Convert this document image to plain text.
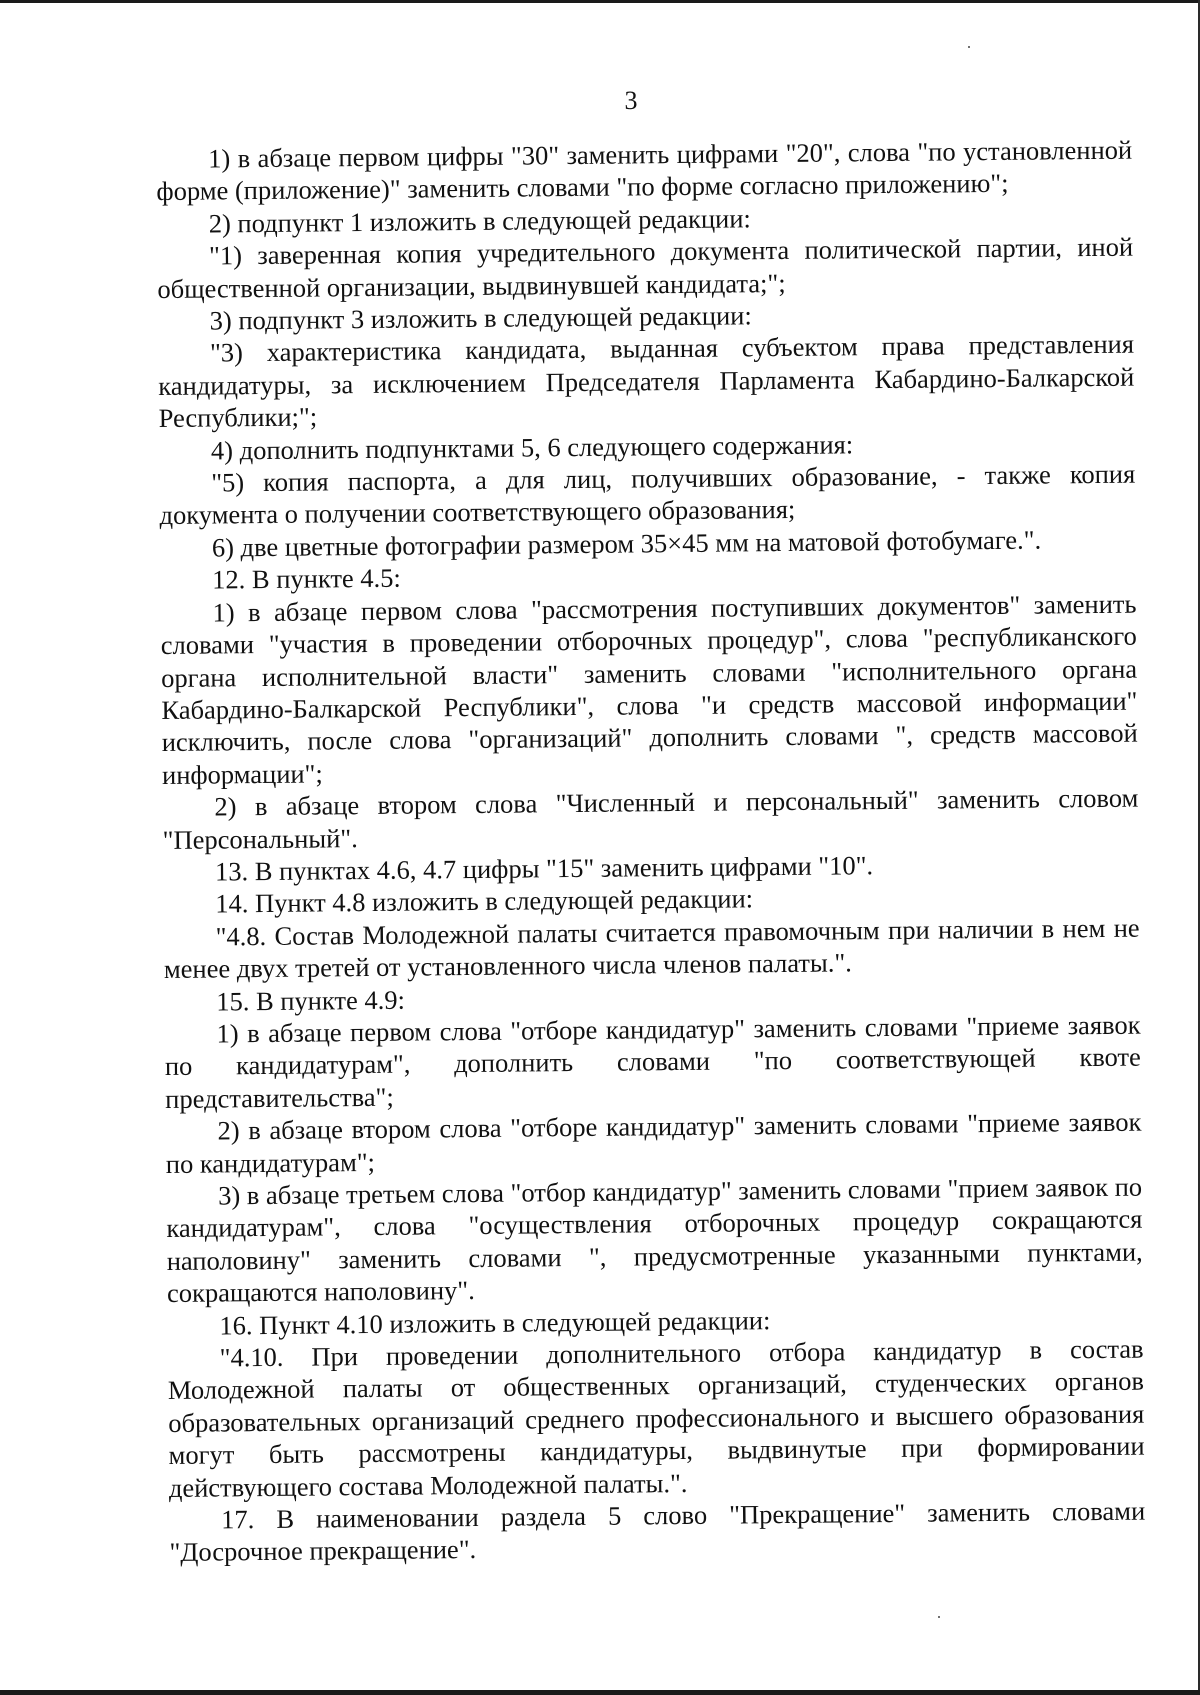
3

1) в абзаце первом цифры "30" заменить цифрами "20", слова "по установленной форме (приложение)" заменить словами "по форме согласно приложению";

2) подпункт 1 изложить в следующей редакции:

"1) заверенная копия учредительного документа политической партии, иной общественной организации, выдвинувшей кандидата;";

3) подпункт 3 изложить в следующей редакции:

"3) характеристика кандидата, выданная субъектом права представления кандидатуры, за исключением Председателя Парламента Кабардино-Балкарской Республики;";

4) дополнить подпунктами 5, 6 следующего содержания:

"5) копия паспорта, а для лиц, получивших образование, - также копия документа о получении соответствующего образования;

6) две цветные фотографии размером 35×45 мм на матовой фотобумаге.".

12. В пункте 4.5:

1) в абзаце первом слова "рассмотрения поступивших документов" заменить словами "участия в проведении отборочных процедур", слова "республиканского органа исполнительной власти" заменить словами "исполнительного органа Кабардино-Балкарской Республики", слова "и средств массовой информации" исключить, после слова "организаций" дополнить словами ", средств массовой информации";

2) в абзаце втором слова "Численный и персональный" заменить словом "Персональный".

13. В пунктах 4.6, 4.7 цифры "15" заменить цифрами "10".

14. Пункт 4.8 изложить в следующей редакции:

"4.8. Состав Молодежной палаты считается правомочным при наличии в нем не менее двух третей от установленного числа членов палаты.".

15. В пункте 4.9:

1) в абзаце первом слова "отборе кандидатур" заменить словами "приеме заявок по кандидатурам", дополнить словами "по соответствующей квоте представительства";

2) в абзаце втором слова "отборе кандидатур" заменить словами "приеме заявок по кандидатурам";

3) в абзаце третьем слова "отбор кандидатур" заменить словами "прием заявок по кандидатурам", слова "осуществления отборочных процедур сокращаются наполовину" заменить словами ", предусмотренные указанными пунктами, сокращаются наполовину".

16. Пункт 4.10 изложить в следующей редакции:

"4.10. При проведении дополнительного отбора кандидатур в состав Молодежной палаты от общественных организаций, студенческих органов образовательных организаций среднего профессионального и высшего образования могут быть рассмотрены кандидатуры, выдвинутые при формировании действующего состава Молодежной палаты.".

17. В наименовании раздела 5 слово "Прекращение" заменить словами "Досрочное прекращение".
